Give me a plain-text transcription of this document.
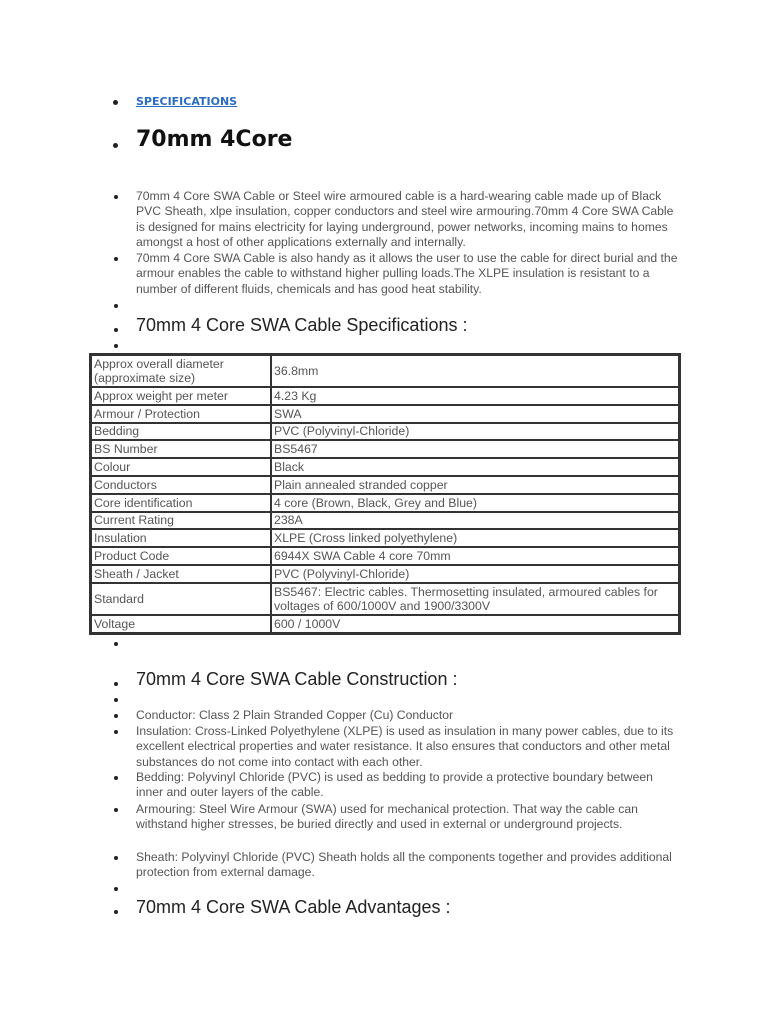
SPECIFICATIONS
70mm 4Core
70mm 4 Core SWA Cable or Steel wire armoured cable is a hard-wearing cable made up of Black PVC Sheath, xlpe insulation, copper conductors and steel wire armouring.70mm 4 Core SWA Cable is designed for mains electricity for laying underground, power networks, incoming mains to homes amongst a host of other applications externally and internally.
70mm 4 Core SWA Cable is also handy as it allows the user to use the cable for direct burial and the armour enables the cable to withstand higher pulling loads.The XLPE insulation is resistant to a number of different fluids, chemicals and has good heat stability.
70mm 4 Core SWA Cable Specifications :
Approx overall diameter (approximate size)	36.8mm
Approx weight per meter	4.23 Kg
Armour / Protection	SWA
Bedding	PVC (Polyvinyl-Chloride)
BS Number	BS5467
Colour	Black
Conductors	Plain annealed stranded copper
Core identification	4 core (Brown, Black, Grey and Blue)
Current Rating	238A
Insulation	XLPE (Cross linked polyethylene)
Product Code	6944X SWA Cable 4 core 70mm
Sheath / Jacket	PVC (Polyvinyl-Chloride)
Standard	BS5467: Electric cables. Thermosetting insulated, armoured cables for voltages of 600/1000V and 1900/3300V
Voltage	600 / 1000V
70mm 4 Core SWA Cable Construction :
Conductor: Class 2 Plain Stranded Copper (Cu) Conductor
Insulation: Cross-Linked Polyethylene (XLPE) is used as insulation in many power cables, due to its excellent electrical properties and water resistance. It also ensures that conductors and other metal substances do not come into contact with each other.
Bedding: Polyvinyl Chloride (PVC) is used as bedding to provide a protective boundary between inner and outer layers of the cable.
Armouring: Steel Wire Armour (SWA) used for mechanical protection. That way the cable can withstand higher stresses, be buried directly and used in external or underground projects.
Sheath: Polyvinyl Chloride (PVC) Sheath holds all the components together and provides additional protection from external damage.
70mm 4 Core SWA Cable Advantages :
